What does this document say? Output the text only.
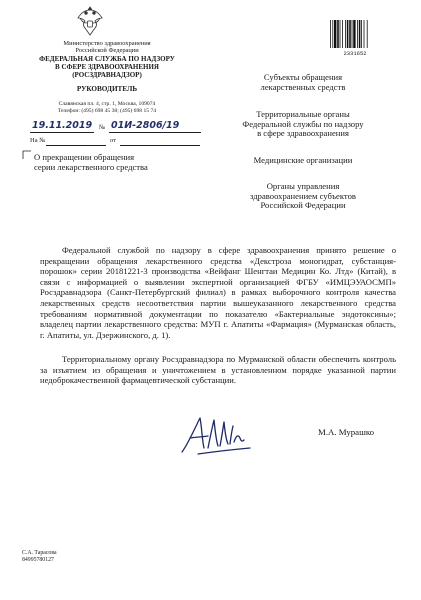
Министерство здравоохранения
Российской Федерации
ФЕДЕРАЛЬНАЯ СЛУЖБА ПО НАДЗОРУ
В СФЕРЕ ЗДРАВООХРАНЕНИЯ
(РОСЗДРАВНАДЗОР)
РУКОВОДИТЕЛЬ
Славянская пл. 4, стр. 1, Москва, 109074
Телефон: (495) 698 45 38; (495) 698 15 74
19.11.2019 № 01И-2806/19
На №	от
О прекращении обращения
серии лекарственного средства
2331652
Субъекты обращения
лекарственных средств
Территориальные органы
Федеральной службы по надзору
в сфере здравоохранения
Медицинские организации
Органы управления
здравоохранением субъектов
Российской Федерации
Федеральной службой по надзору в сфере здравоохранения принято решение о прекращении обращения лекарственного средства «Декстроза моногидрат, субстанция-порошок» серии 20181221-3 производства «Вейфанг Шенгтаи Медицин Ко. Лтд» (Китай), в связи с информацией о выявлении экспертной организацией ФГБУ «ИМЦЭУАОСМП» Росздравнадзора (Санкт-Петербургский филиал) в рамках выборочного контроля качества лекарственных средств несоответствия партии вышеуказанного лекарственного средства требованиям нормативной документации по показателю «Бактериальные эндотоксины»; владелец партии лекарственного средства: МУП г. Апатиты «Фармация» (Мурманская область, г. Апатиты, ул. Дзержинского, д. 1).
Территориальному органу Росздравнадзора по Мурманской области обеспечить контроль за изъятием из обращения и уничтожением в установленном порядке указанной партии недоброкачественной фармацевтической субстанции.
М.А. Мурашко
С.А. Тарасова
84995780127
